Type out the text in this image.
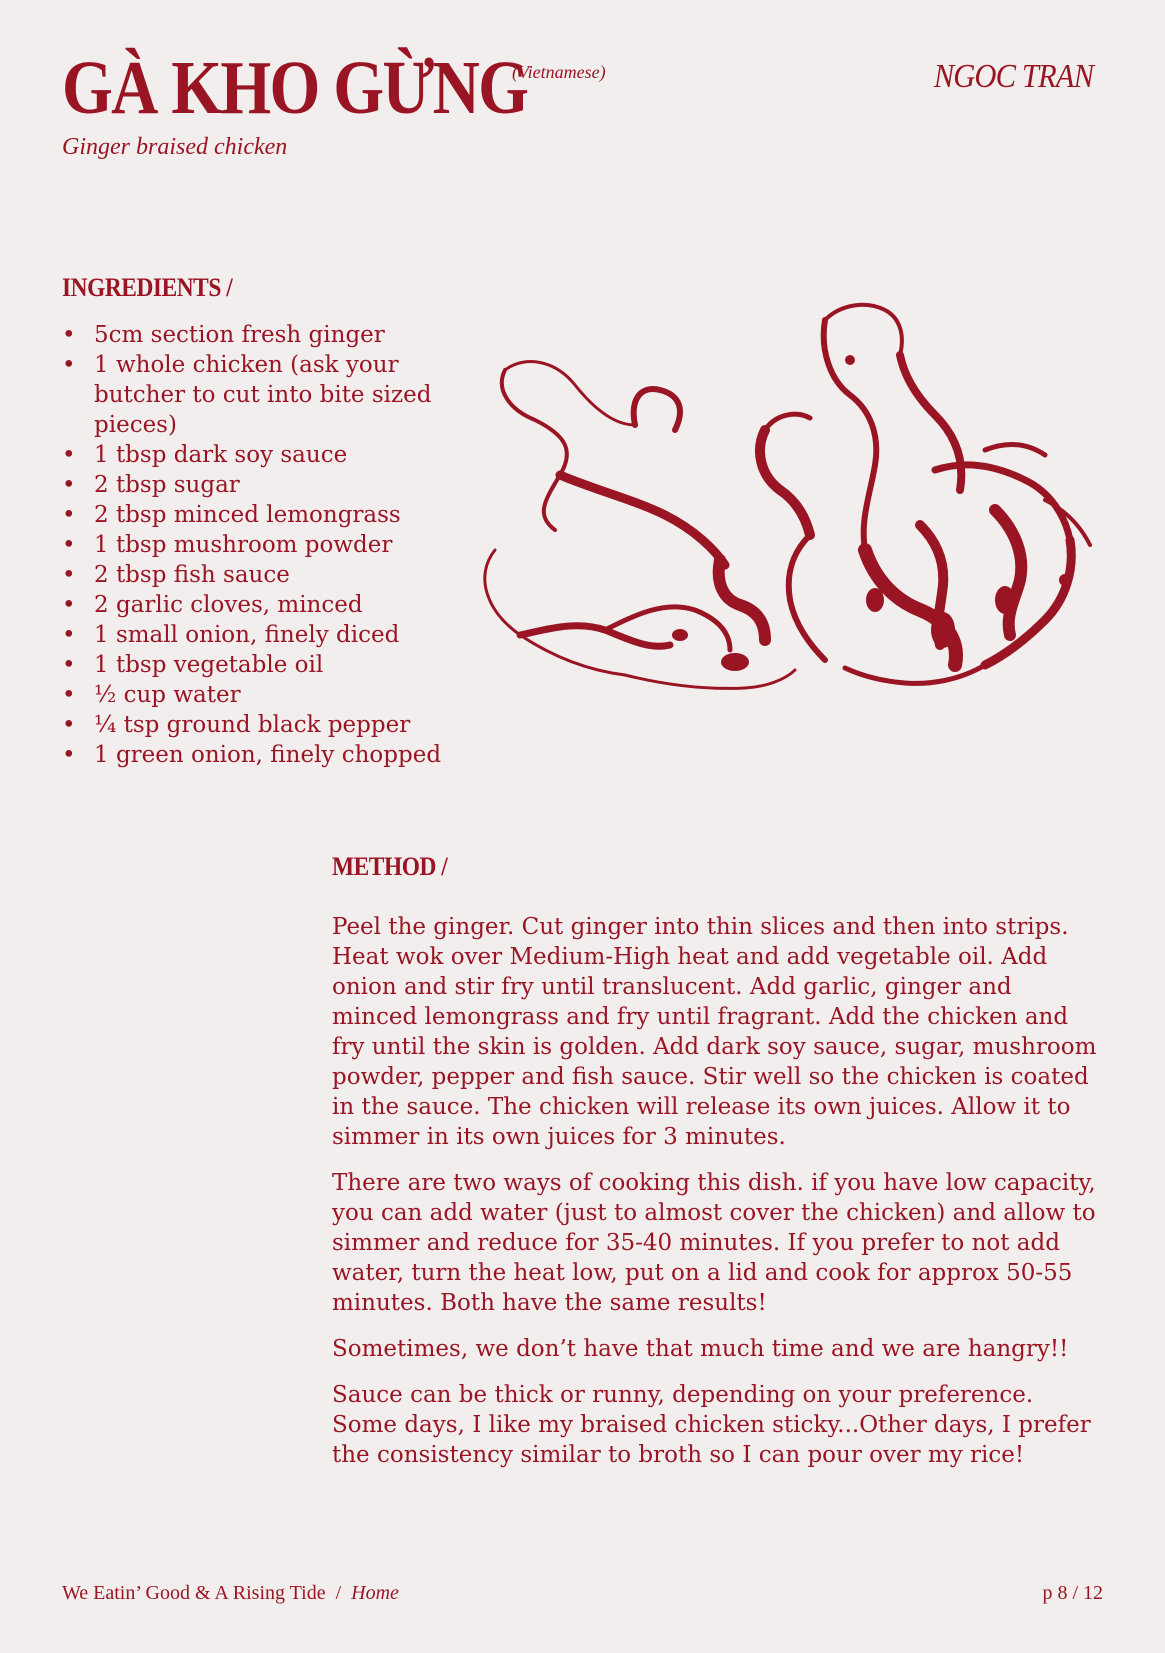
GÀ KHO GỪNG
(Vietnamese)	NGOC TRAN
Ginger braised chicken
INGREDIENTS /
• 5cm section fresh ginger
• 1 whole chicken (ask your butcher to cut into bite sized pieces)
• 1 tbsp dark soy sauce
• 2 tbsp sugar
• 2 tbsp minced lemongrass
• 1 tbsp mushroom powder
• 2 tbsp fish sauce
• 2 garlic cloves, minced
• 1 small onion, finely diced
• 1 tbsp vegetable oil
• ½ cup water
• ¼ tsp ground black pepper
• 1 green onion, finely chopped
METHOD /

Peel the ginger. Cut ginger into thin slices and then into strips. Heat wok over Medium-High heat and add vegetable oil. Add onion and stir fry until translucent. Add garlic, ginger and minced lemongrass and fry until fragrant. Add the chicken and fry until the skin is golden. Add dark soy sauce, sugar, mushroom powder, pepper and fish sauce. Stir well so the chicken is coated in the sauce. The chicken will release its own juices. Allow it to simmer in its own juices for 3 minutes.

There are two ways of cooking this dish. if you have low capacity, you can add water (just to almost cover the chicken) and allow to simmer and reduce for 35-40 minutes. If you prefer to not add water, turn the heat low, put on a lid and cook for approx 50-55 minutes. Both have the same results!

Sometimes, we don’t have that much time and we are hangry!!

Sauce can be thick or runny, depending on your preference. Some days, I like my braised chicken sticky...Other days, I prefer the consistency similar to broth so I can pour over my rice!

We Eatin’ Good & A Rising Tide / Home	p 8 / 12
